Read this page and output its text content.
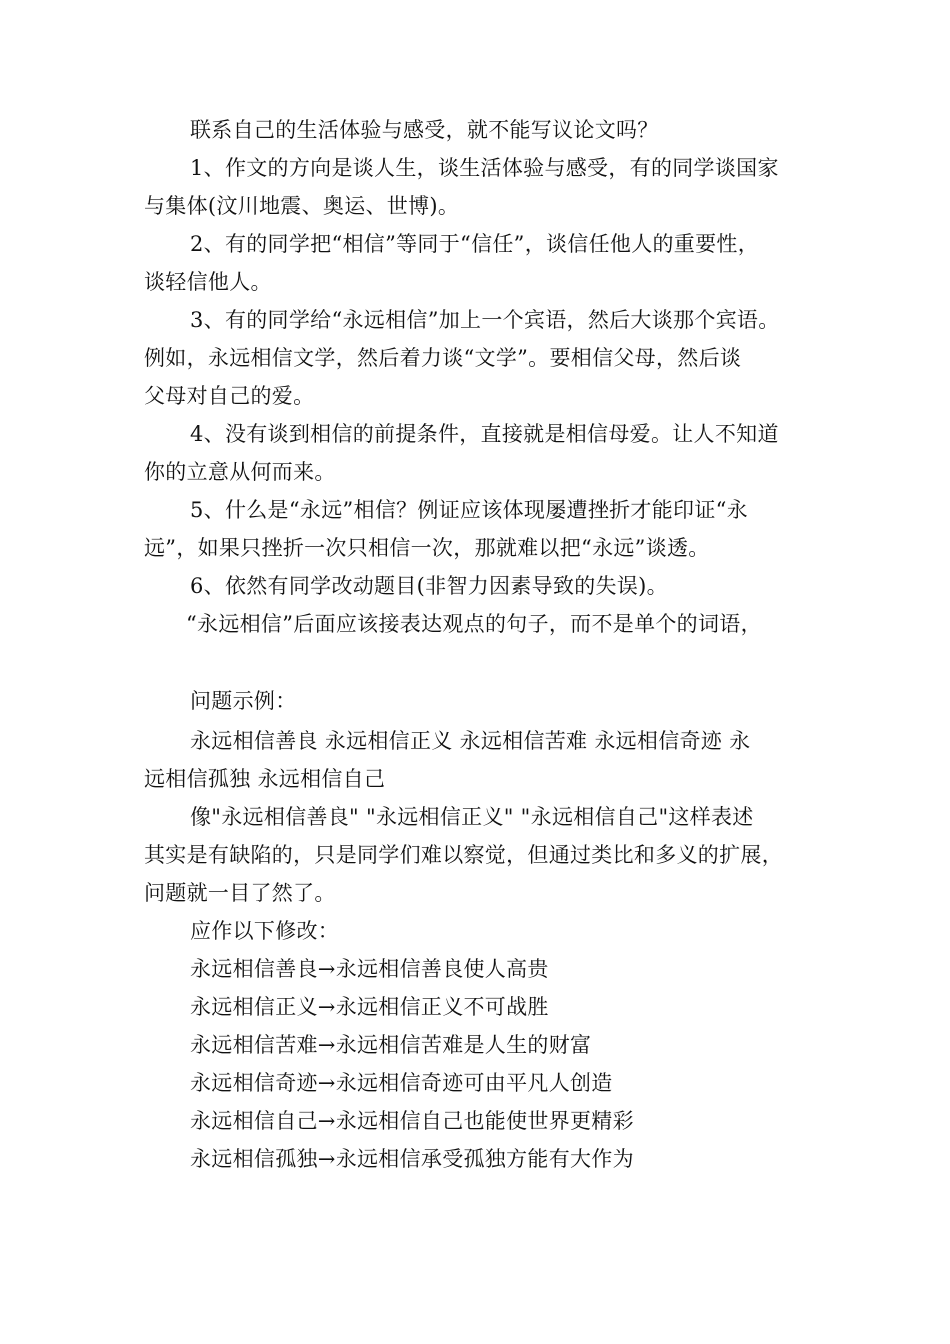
联系自己的生活体验与感受，就不能写议论文吗？
1、作文的方向是谈人生，谈生活体验与感受，有的同学谈国家
与集体(汶川地震、奥运、世博)。
2、有的同学把“相信”等同于“信任”，谈信任他人的重要性，
谈轻信他人。
3、有的同学给“永远相信”加上一个宾语，然后大谈那个宾语。
例如，永远相信文学，然后着力谈“文学”。要相信父母，然后谈
父母对自己的爱。
4、没有谈到相信的前提条件，直接就是相信母爱。让人不知道
你的立意从何而来。
5、什么是“永远”相信？例证应该体现屡遭挫折才能印证“永
远”，如果只挫折一次只相信一次，那就难以把“永远”谈透。
6、依然有同学改动题目(非智力因素导致的失误)。
“永远相信”后面应该接表达观点的句子，而不是单个的词语，
问题示例：
永远相信善良 永远相信正义 永远相信苦难 永远相信奇迹 永
远相信孤独 永远相信自己
像"永远相信善良" "永远相信正义" "永远相信自己"这样表述
其实是有缺陷的，只是同学们难以察觉，但通过类比和多义的扩展，
问题就一目了然了。
应作以下修改：
永远相信善良→永远相信善良使人高贵
永远相信正义→永远相信正义不可战胜
永远相信苦难→永远相信苦难是人生的财富
永远相信奇迹→永远相信奇迹可由平凡人创造
永远相信自己→永远相信自己也能使世界更精彩
永远相信孤独→永远相信承受孤独方能有大作为
